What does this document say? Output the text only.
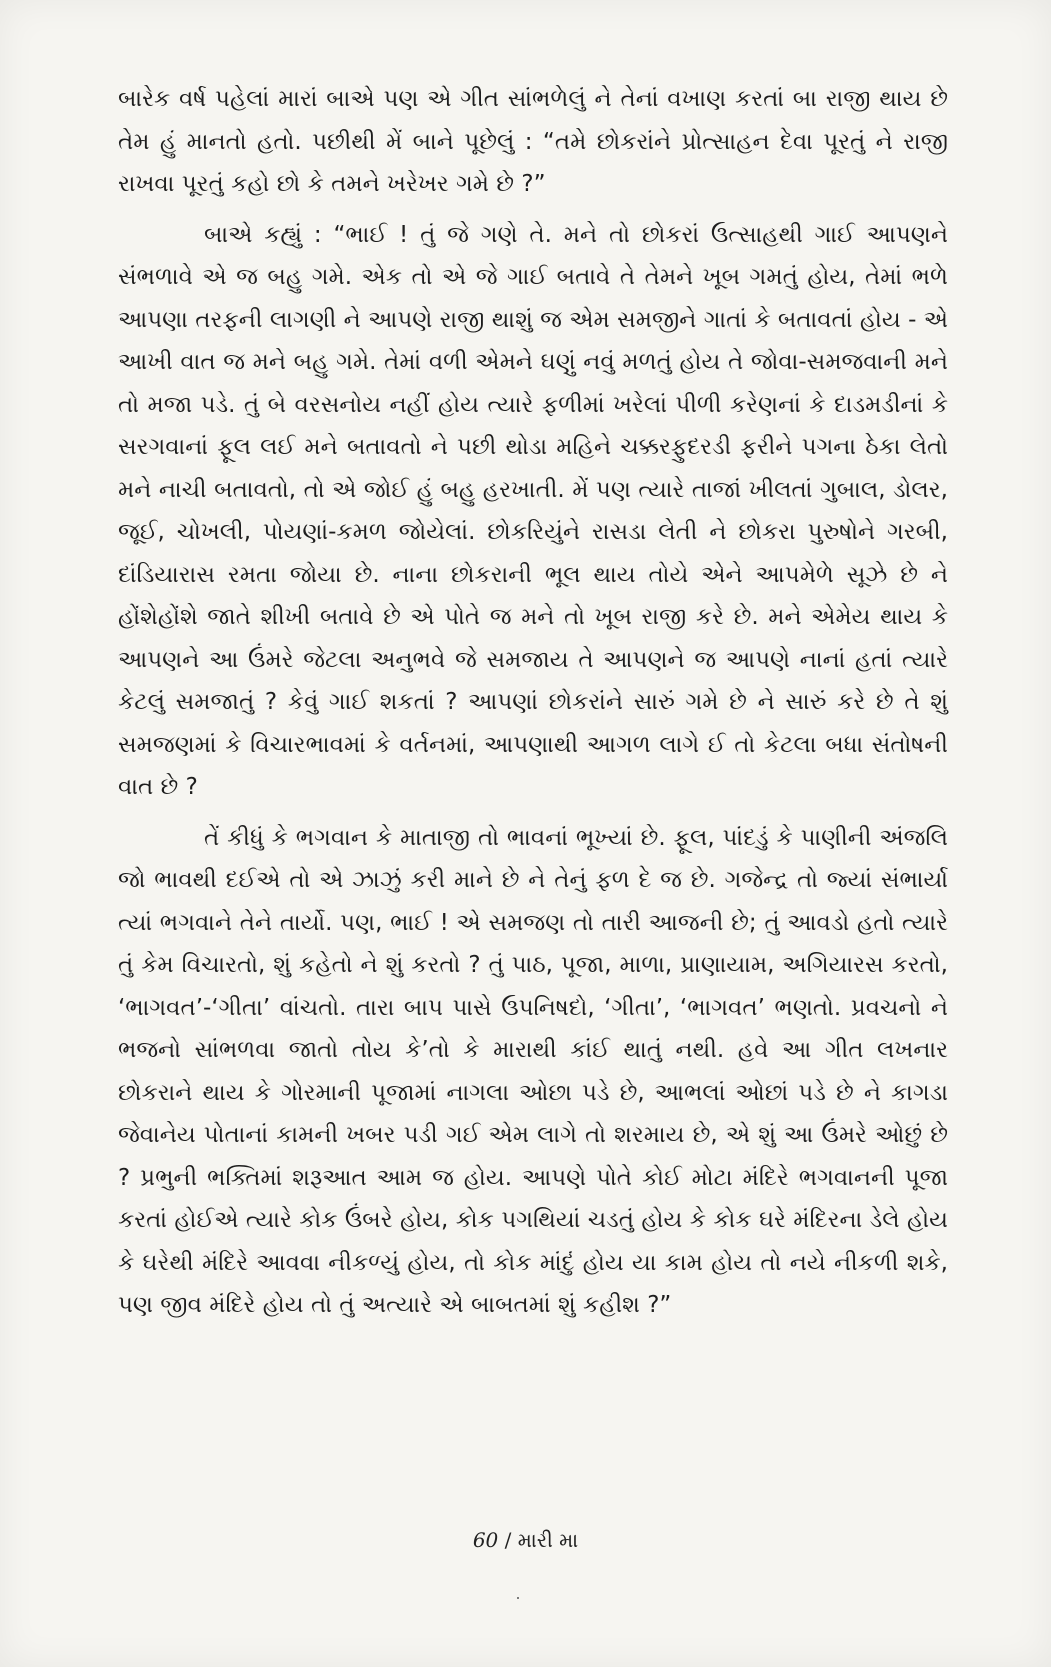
બારેક વર્ષ પહેલાં મારાં બાએ પણ એ ગીત સાંભળેલું ને તેનાં વખાણ કરતાં બા રાજી થાય છે તેમ હું માનતો હતો. પછીથી મેં બાને પૂછેલું : “તમે છોકરાંને પ્રોત્સાહન દેવા પૂરતું ને રાજી રાખવા પૂરતું કહો છો કે તમને ખરેખર ગમે છે ?”

બાએ કહ્યું : “ભાઈ ! તું જે ગણે તે. મને તો છોકરાં ઉત્સાહથી ગાઈ આપણને સંભળાવે એ જ બહુ ગમે. એક તો એ જે ગાઈ બતાવે તે તેમને ખૂબ ગમતું હોય, તેમાં ભળે આપણા તરફની લાગણી ને આપણે રાજી થાશું જ એમ સમજીને ગાતાં કે બતાવતાં હોય - એ આખી વાત જ મને બહુ ગમે. તેમાં વળી એમને ઘણું નવું મળતું હોય તે જોવા-સમજવાની મને તો મજા પડે. તું બે વરસનોય નહીં હોય ત્યારે ફળીમાં ખરેલાં પીળી કરેણનાં કે દાડમડીનાં કે સરગવાનાં ફૂલ લઈ મને બતાવતો ને પછી થોડા મહિને ચક્કરફુદરડી ફરીને પગના ઠેકા લેતો મને નાચી બતાવતો, તો એ જોઈ હું બહુ હરખાતી. મેં પણ ત્યારે તાજાં ખીલતાં ગુબાલ, ડોલર, જૂઈ, ચોખલી, પોયણાં-કમળ જોયેલાં. છોકરિયુંને રાસડા લેતી ને છોકરા પુરુષોને ગરબી, દાંડિયારાસ રમતા જોયા છે. નાના છોકરાની ભૂલ થાય તોયે એને આપમેળે સૂઝે છે ને હોંશેહોંશે જાતે શીખી બતાવે છે એ પોતે જ મને તો ખૂબ રાજી કરે છે. મને એમેય થાય કે આપણને આ ઉંમરે જેટલા અનુભવે જે સમજાય તે આપણને જ આપણે નાનાં હતાં ત્યારે કેટલું સમજાતું ? કેવું ગાઈ શકતાં ? આપણાં છોકરાંને સારું ગમે છે ને સારું કરે છે તે શું સમજણમાં કે વિચારભાવમાં કે વર્તનમાં, આપણાથી આગળ લાગે ઈ તો કેટલા બધા સંતોષની વાત છે ?

તેં કીધું કે ભગવાન કે માતાજી તો ભાવનાં ભૂખ્યાં છે. ફૂલ, પાંદડું કે પાણીની અંજલિ જો ભાવથી દઈએ તો એ ઝાઝું કરી માને છે ને તેનું ફળ દે જ છે. ગજેન્દ્ર તો જ્યાં સંભાર્યા ત્યાં ભગવાને તેને તાર્યો. પણ, ભાઈ ! એ સમજણ તો તારી આજની છે; તું આવડો હતો ત્યારે તું કેમ વિચારતો, શું કહેતો ને શું કરતો ? તું પાઠ, પૂજા, માળા, પ્રાણાયામ, અગિયારસ કરતો, ‘ભાગવત’-‘ગીતા’ વાંચતો. તારા બાપ પાસે ઉપનિષદો, ‘ગીતા’, ‘ભાગવત’ ભણતો. પ્રવચનો ને ભજનો સાંભળવા જાતો તોય કે’તો કે મારાથી કાંઈ થાતું નથી. હવે આ ગીત લખનાર છોકરાને થાય કે ગોરમાની પૂજામાં નાગલા ઓછા પડે છે, આભલાં ઓછાં પડે છે ને કાગડા જેવાનેય પોતાનાં કામની ખબર પડી ગઈ એમ લાગે તો શરમાય છે, એ શું આ ઉંમરે ઓછું છે ? પ્રભુની ભક્તિમાં શરૂઆત આમ જ હોય. આપણે પોતે કોઈ મોટા મંદિરે ભગવાનની પૂજા કરતાં હોઈએ ત્યારે કોક ઉંબરે હોય, કોક પગથિયાં ચડતું હોય કે કોક ઘરે મંદિરના ડેલે હોય કે ઘરેથી મંદિરે આવવા નીકળ્યું હોય, તો કોક માંદું હોય યા કામ હોય તો નયે નીકળી શકે, પણ જીવ મંદિરે હોય તો તું અત્યારે એ બાબતમાં શું કહીશ ?”

60 / મારી મા
